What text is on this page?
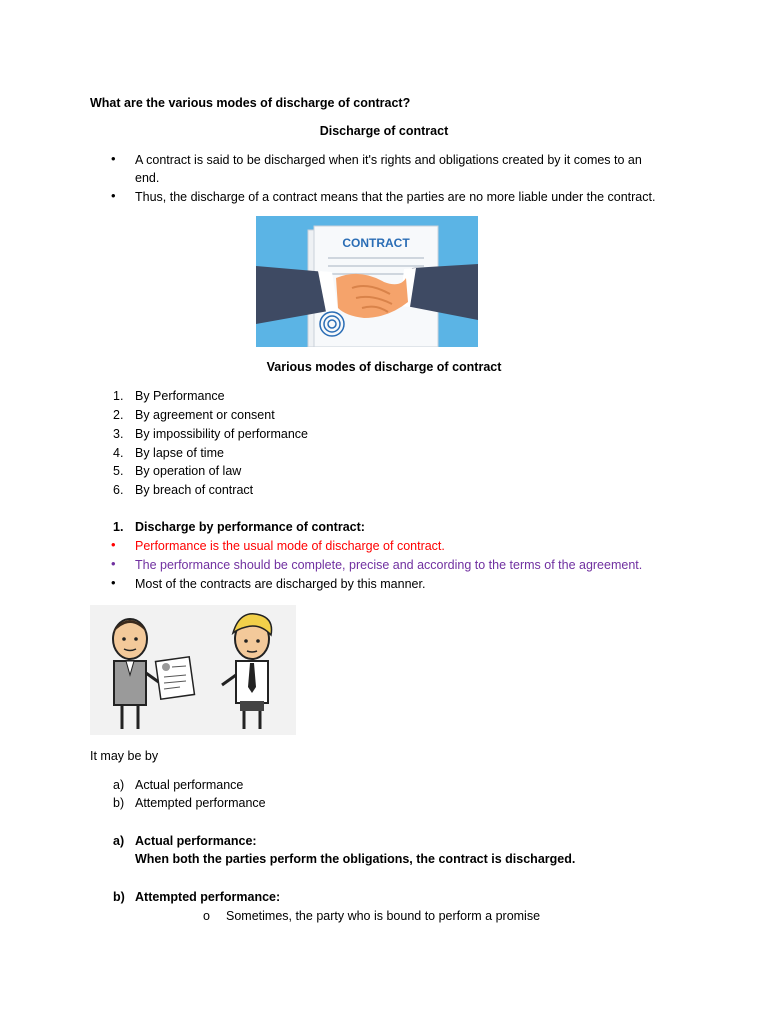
What are the various modes of discharge of contract?
Discharge of contract
• A contract is said to be discharged when it's rights and obligations created by it comes to an
end.
• Thus, the discharge of a contract means that the parties are no more liable under the contract.
CONTRACT
Various modes of discharge of contract
1. By Performance
2. By agreement or consent
3. By impossibility of performance
4. By lapse of time
5. By operation of law
6. By breach of contract
1. Discharge by performance of contract:
• Performance is the usual mode of discharge of contract.
• The performance should be complete, precise and according to the terms of the agreement.
• Most of the contracts are discharged by this manner.
It may be by
a) Actual performance
b) Attempted performance
a) Actual performance:
When both the parties perform the obligations, the contract is discharged.
b) Attempted performance:
o Sometimes, the party who is bound to perform a promise
